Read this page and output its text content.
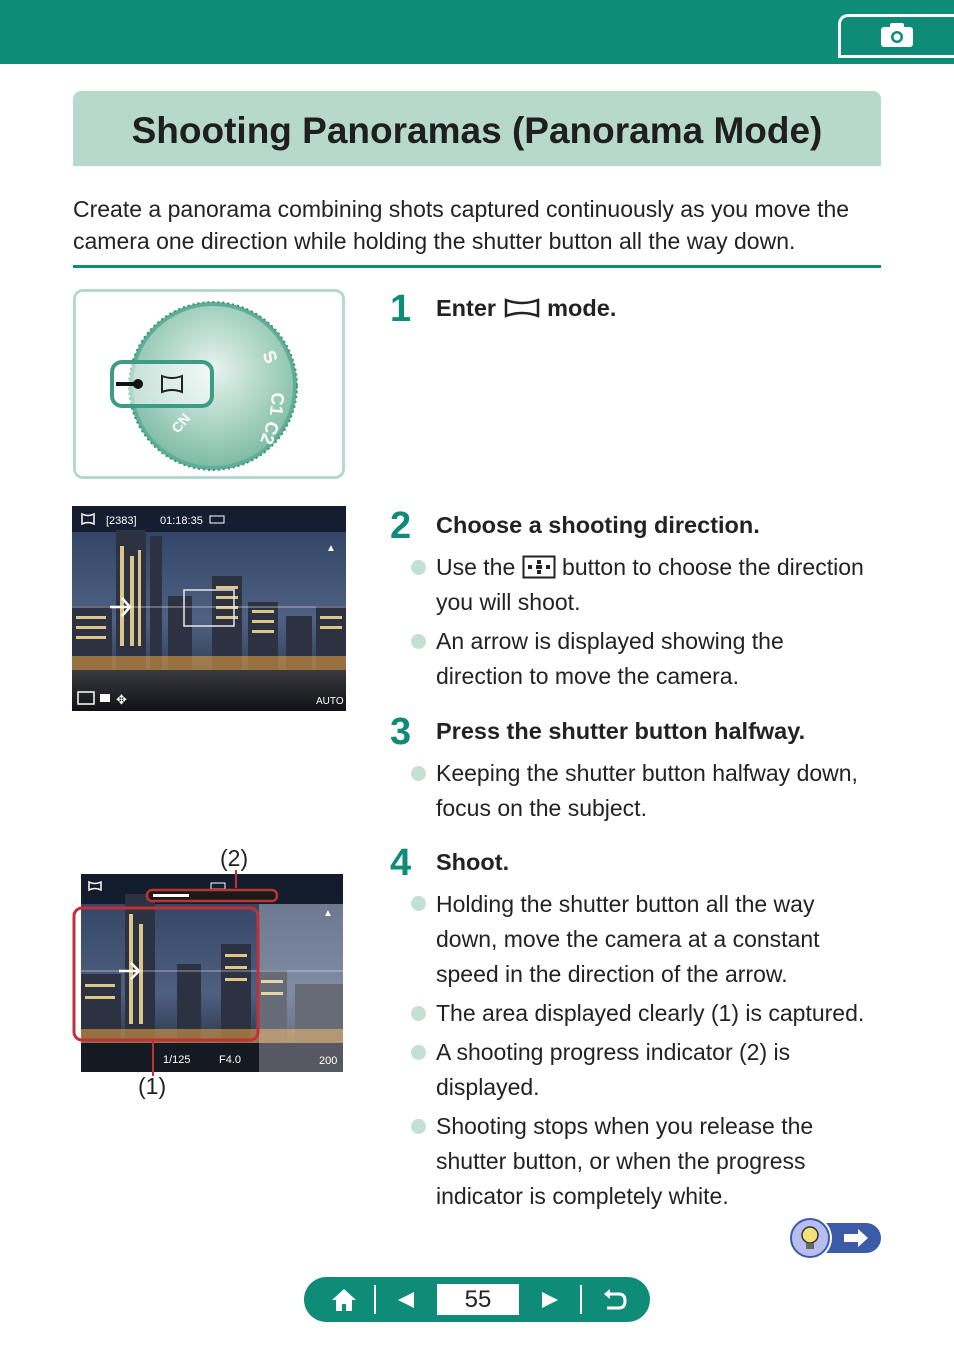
Shooting Panoramas (Panorama Mode)
Create a panorama combining shots captured continuously as you move the camera one direction while holding the shutter button all the way down.
C1
S
C2
CN
[2383] 01:18:35
▲
✥	AUTO
(2)
▲
1/125	F4.0	200
(1)
1 Enter mode.
2 Choose a shooting direction.
Use the button to choose the direction you will shoot.
An arrow is displayed showing the direction to move the camera.
3 Press the shutter button halfway.
Keeping the shutter button halfway down, focus on the subject.
4 Shoot.
Holding the shutter button all the way down, move the camera at a constant speed in the direction of the arrow.
The area displayed clearly (1) is captured.
A shooting progress indicator (2) is displayed.
Shooting stops when you release the shutter button, or when the progress indicator is completely white.
55
